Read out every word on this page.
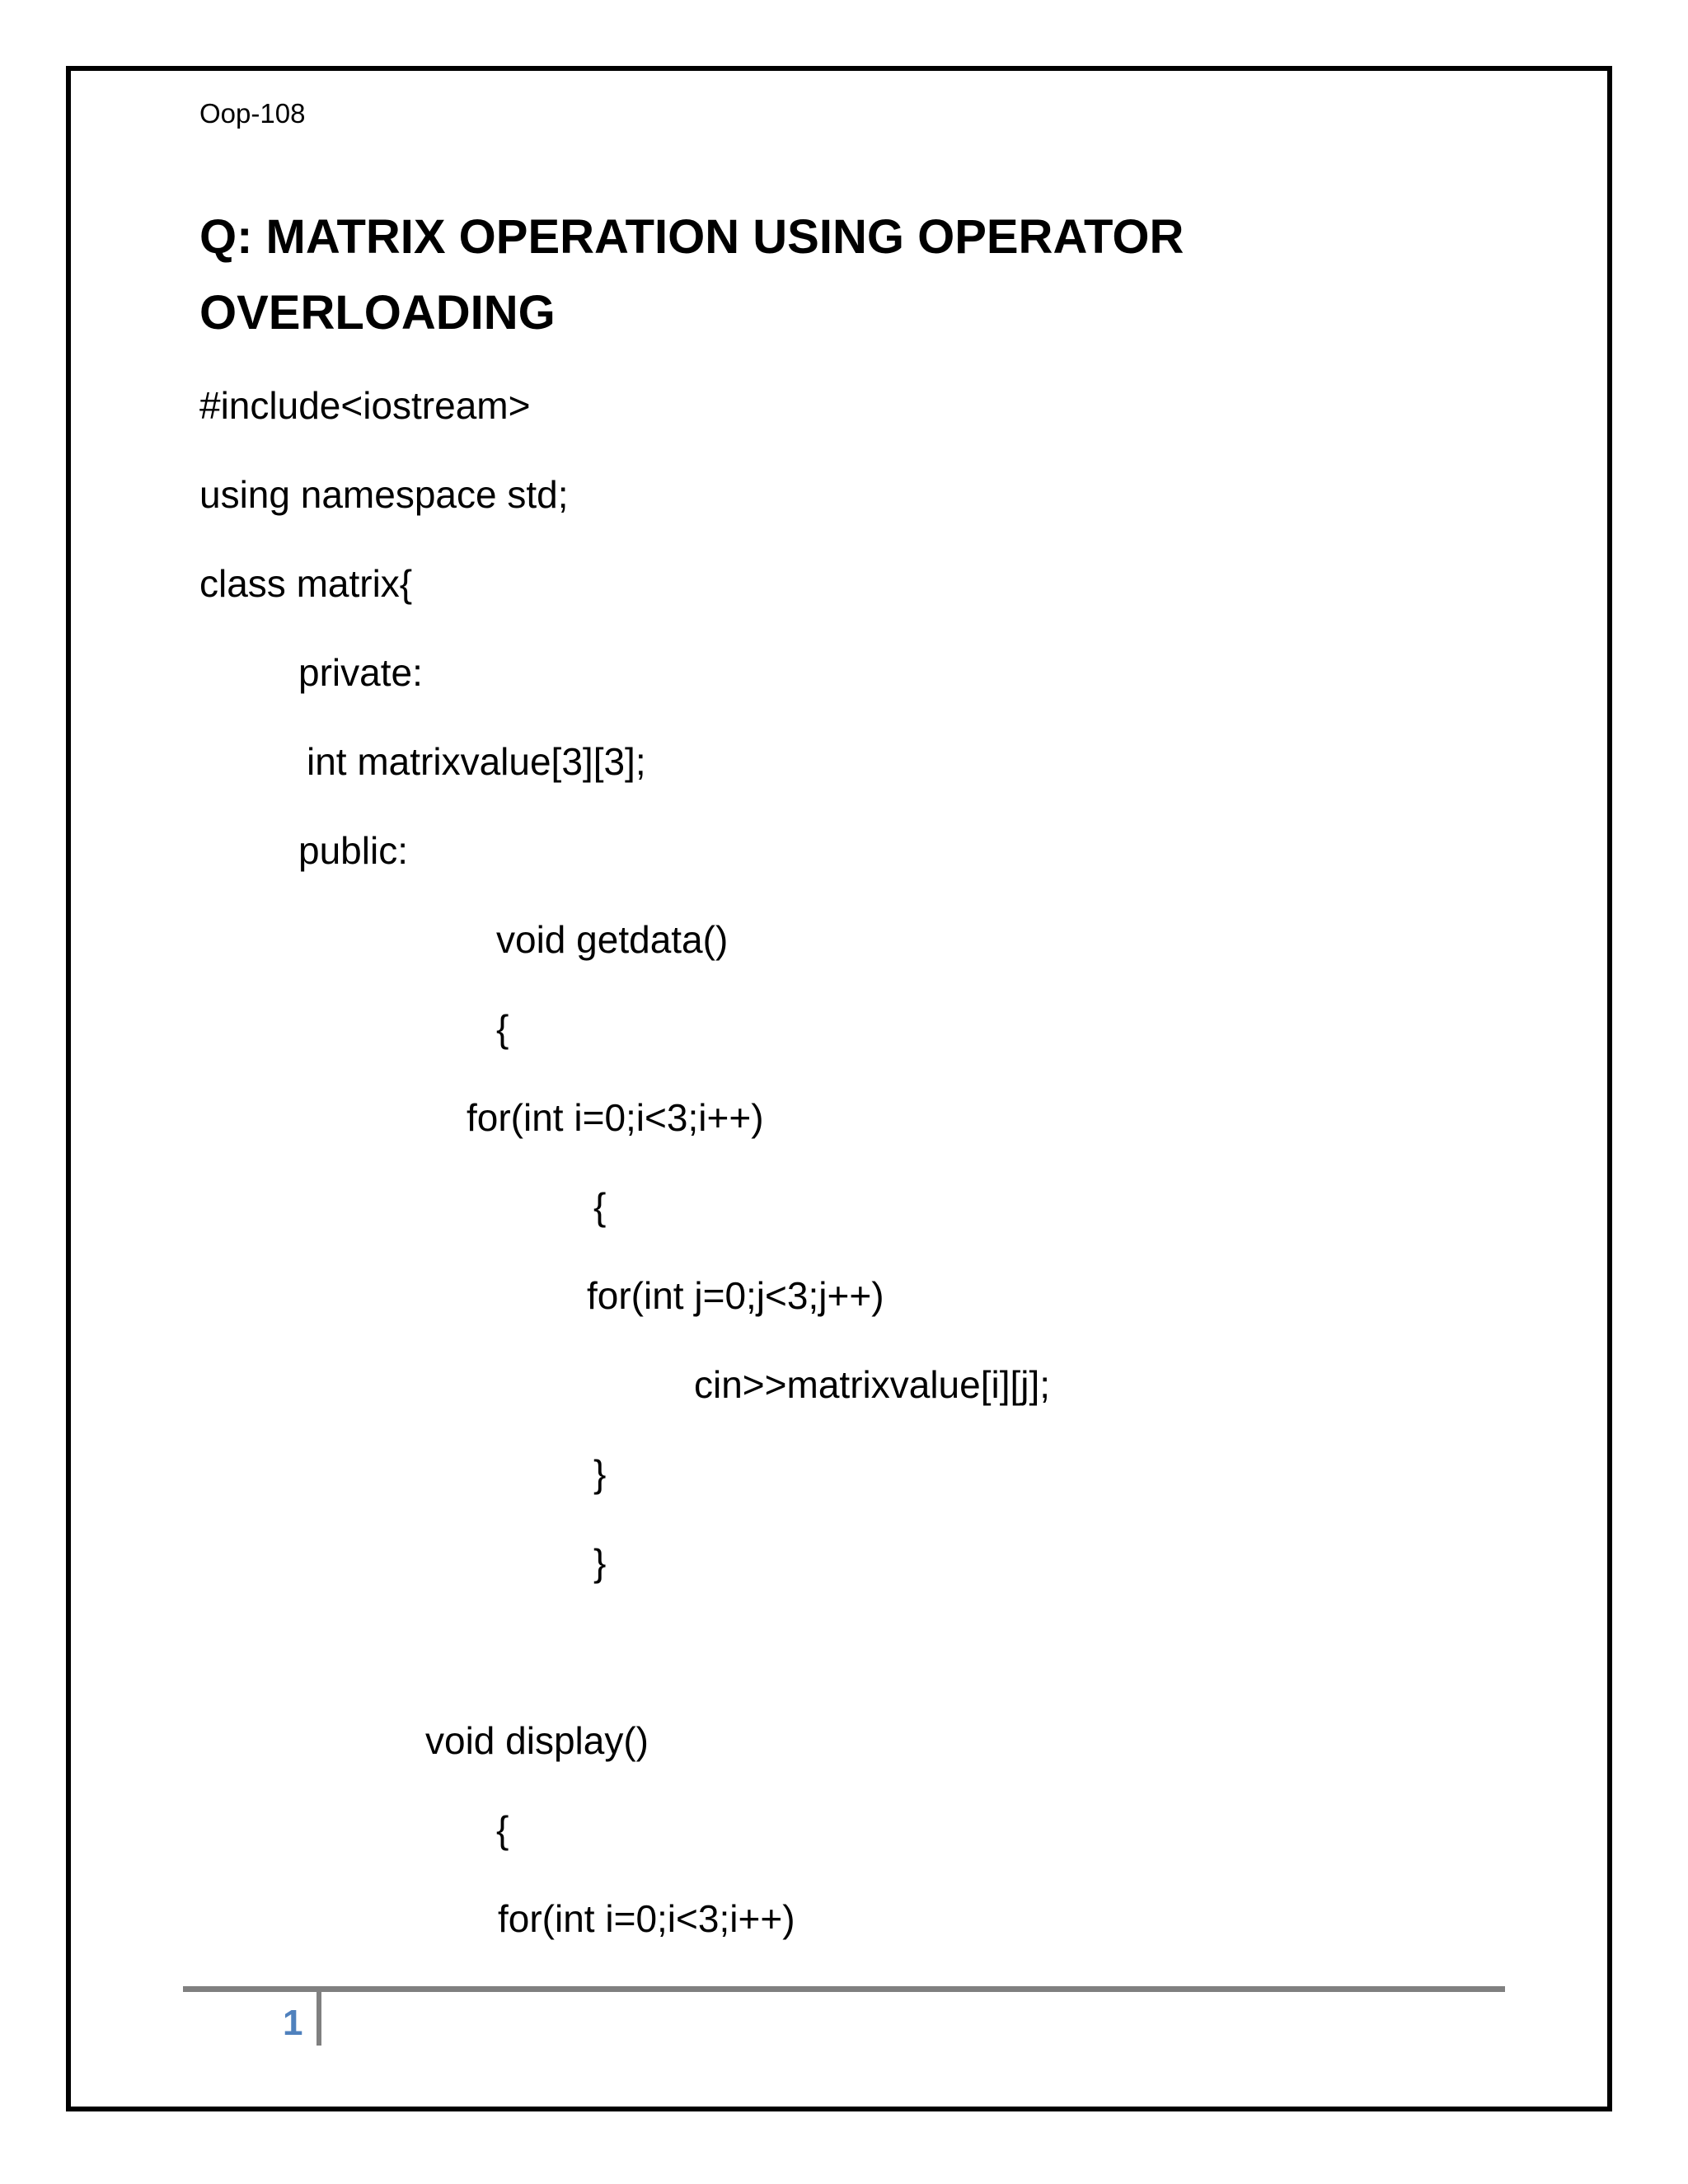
Oop-108
Q: MATRIX OPERATION USING OPERATOR
OVERLOADING
#include<iostream>
using namespace std;
class matrix{
private:
int matrixvalue[3][3];
public:
void getdata()
{
for(int i=0;i<3;i++)
{
for(int j=0;j<3;j++)
cin>>matrixvalue[i][j];
}
}
void display()
{
for(int i=0;i<3;i++)
1
